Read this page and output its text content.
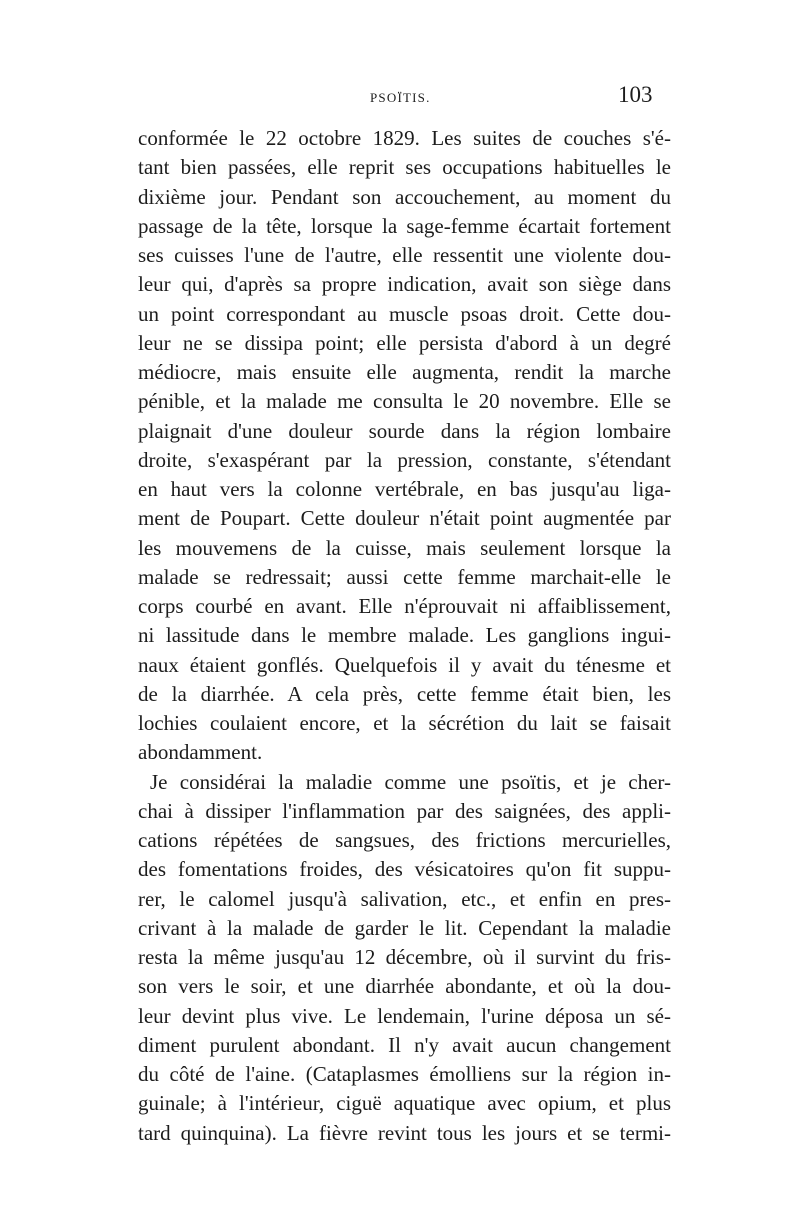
PSOÏTIS.	103
conformée le 22 octobre 1829. Les suites de couches s'é-
tant bien passées, elle reprit ses occupations habituelles le
dixième jour. Pendant son accouchement, au moment du
passage de la tête, lorsque la sage-femme écartait fortement
ses cuisses l'une de l'autre, elle ressentit une violente dou-
leur qui, d'après sa propre indication, avait son siège dans
un point correspondant au muscle psoas droit. Cette dou-
leur ne se dissipa point; elle persista d'abord à un degré
médiocre, mais ensuite elle augmenta, rendit la marche
pénible, et la malade me consulta le 20 novembre. Elle se
plaignait d'une douleur sourde dans la région lombaire
droite, s'exaspérant par la pression, constante, s'étendant
en haut vers la colonne vertébrale, en bas jusqu'au liga-
ment de Poupart. Cette douleur n'était point augmentée par
les mouvemens de la cuisse, mais seulement lorsque la
malade se redressait; aussi cette femme marchait-elle le
corps courbé en avant. Elle n'éprouvait ni affaiblissement,
ni lassitude dans le membre malade. Les ganglions ingui-
naux étaient gonflés. Quelquefois il y avait du ténesme et
de la diarrhée. A cela près, cette femme était bien, les
lochies coulaient encore, et la sécrétion du lait se faisait
abondamment.
Je considérai la maladie comme une psoïtis, et je cher-
chai à dissiper l'inflammation par des saignées, des appli-
cations répétées de sangsues, des frictions mercurielles,
des fomentations froides, des vésicatoires qu'on fit suppu-
rer, le calomel jusqu'à salivation, etc., et enfin en pres-
crivant à la malade de garder le lit. Cependant la maladie
resta la même jusqu'au 12 décembre, où il survint du fris-
son vers le soir, et une diarrhée abondante, et où la dou-
leur devint plus vive. Le lendemain, l'urine déposa un sé-
diment purulent abondant. Il n'y avait aucun changement
du côté de l'aine. (Cataplasmes émolliens sur la région in-
guinale; à l'intérieur, ciguë aquatique avec opium, et plus
tard quinquina). La fièvre revint tous les jours et se termi-
